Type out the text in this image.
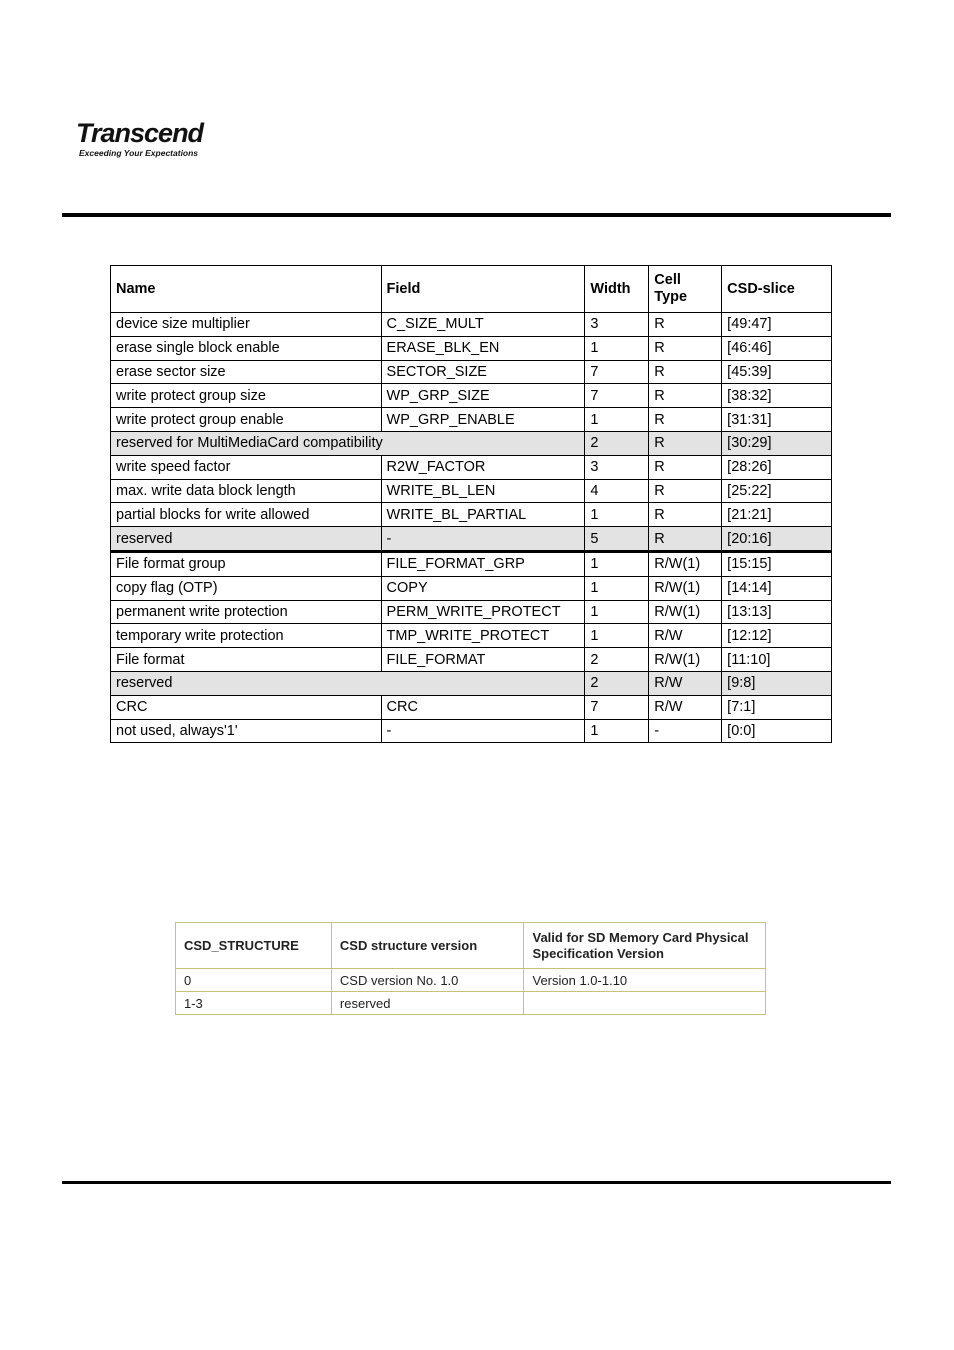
Transcend
Exceeding Your Expectations
Name	Field	Width	Cell Type	CSD-slice
device size multiplier	C_SIZE_MULT	3	R	[49:47]
erase single block enable	ERASE_BLK_EN	1	R	[46:46]
erase sector size	SECTOR_SIZE	7	R	[45:39]
write protect group size	WP_GRP_SIZE	7	R	[38:32]
write protect group enable	WP_GRP_ENABLE	1	R	[31:31]
reserved for MultiMediaCard compatibility		2	R	[30:29]
write speed factor	R2W_FACTOR	3	R	[28:26]
max. write data block length	WRITE_BL_LEN	4	R	[25:22]
partial blocks for write allowed	WRITE_BL_PARTIAL	1	R	[21:21]
reserved	-	5	R	[20:16]
File format group	FILE_FORMAT_GRP	1	R/W(1)	[15:15]
copy flag (OTP)	COPY	1	R/W(1)	[14:14]
permanent write protection	PERM_WRITE_PROTECT	1	R/W(1)	[13:13]
temporary write protection	TMP_WRITE_PROTECT	1	R/W	[12:12]
File format	FILE_FORMAT	2	R/W(1)	[11:10]
reserved		2	R/W	[9:8]
CRC	CRC	7	R/W	[7:1]
not used, always'1'	-	1	-	[0:0]
CSD_STRUCTURE	CSD structure version	Valid for SD Memory Card Physical Specification Version
0	CSD version No. 1.0	Version 1.0-1.10
1-3	reserved	
